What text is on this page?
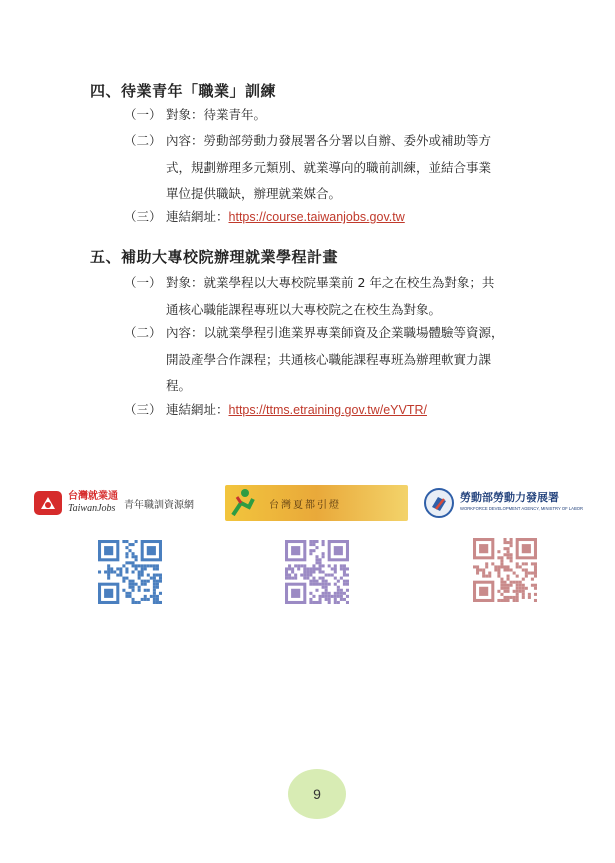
四、待業青年「職業」訓練
（一） 對象：待業青年。
（二） 內容：勞動部勞動力發展署各分署以自辦、委外或補助等方
式，規劃辦理多元類別、就業導向的職前訓練，並結合事業
單位提供職缺，辦理就業媒合。
（三） 連結網址：https://course.taiwanjobs.gov.tw
五、補助大專校院辦理就業學程計畫
（一） 對象：就業學程以大專校院畢業前 2 年之在校生為對象；共
通核心職能課程專班以大專校院之在校生為對象。
（二） 內容：以就業學程引進業界專業師資及企業職場體驗等資源，
開設產學合作課程；共通核心職能課程專班為辦理軟實力課
程。
（三） 連結網址：https://ttms.etraining.gov.tw/eYVTR/
台灣就業通
TaiwanJobs 青年職訓資源網	台灣夏都引燈
勞動部勞動力發展署
WORKFORCE DEVELOPMENT AGENCY, MINISTRY OF LABOR
9
